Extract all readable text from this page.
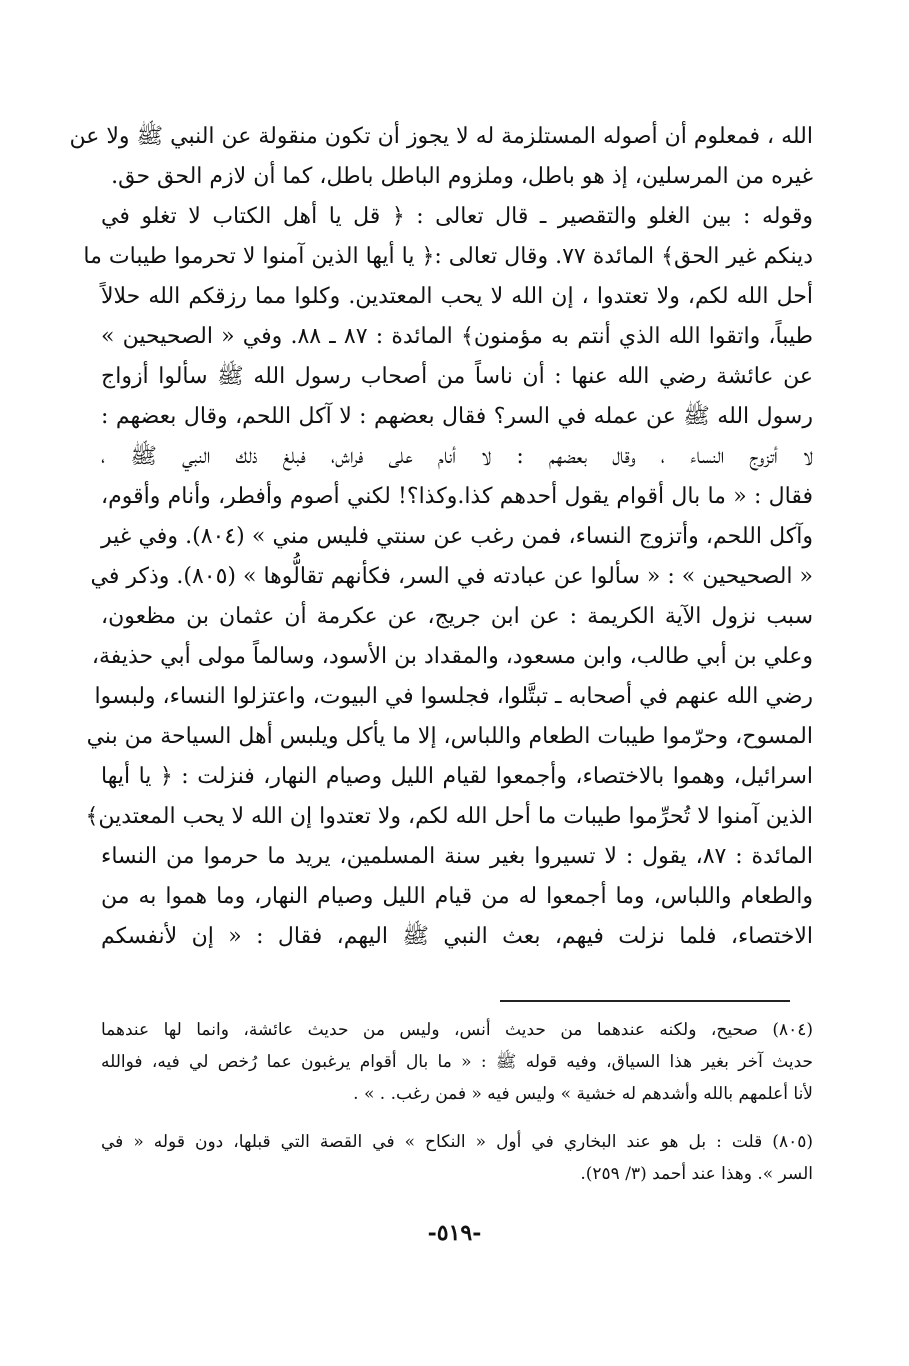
الله ، فمعلوم أن أصوله المستلزمة له لا يجوز أن تكون منقولة عن النبي ﷺ ولا عن
غيره من المرسلين، إذ هو باطل، وملزوم الباطل باطل، كما أن لازم الحق حق.
وقوله : بين الغلو والتقصير ـ قال تعالى : ﴿ قل يا أهل الكتاب لا تغلو في
دينكم غير الحق﴾ المائدة ٧٧. وقال تعالى :﴿ يا أيها الذين آمنوا لا تحرموا طيبات ما
أحل الله لكم، ولا تعتدوا ، إن الله لا يحب المعتدين. وكلوا مما رزقكم الله حلالاً
طيباً، واتقوا الله الذي أنتم به مؤمنون﴾ المائدة : ٨٧ ـ ٨٨. وفي « الصحيحين »
عن عائشة رضي الله عنها : أن ناساً من أصحاب رسول الله ﷺ سألوا أزواج
رسول الله ﷺ عن عمله في السر؟ فقال بعضهم : لا آكل اللحم، وقال بعضهم :
لا أتزوج النساء ، وقال بعضهم : لا أنام على فراش، فبلغ ذلك النبي ﷺ ،
فقال : « ما بال أقوام يقول أحدهم كذا.وكذا؟! لكني أصوم وأفطر، وأنام وأقوم،
وآكل اللحم، وأتزوج النساء، فمن رغب عن سنتي فليس مني » (٨٠٤). وفي غير
« الصحيحين » : « سألوا عن عبادته في السر، فكأنهم تقالُّوها » (٨٠٥). وذكر في
سبب نزول الآية الكريمة : عن ابن جريج، عن عكرمة أن عثمان بن مظعون،
وعلي بن أبي طالب، وابن مسعود، والمقداد بن الأسود، وسالماً مولى أبي حذيفة،
رضي الله عنهم في أصحابه ـ تبتَّلوا، فجلسوا في البيوت، واعتزلوا النساء، ولبسوا
المسوح، وحرّموا طيبات الطعام واللباس، إلا ما يأكل ويلبس أهل السياحة من بني
اسرائيل، وهموا بالاختصاء، وأجمعوا لقيام الليل وصيام النهار، فنزلت : ﴿ يا أيها
الذين آمنوا لا تُحرِّموا طيبات ما أحل الله لكم، ولا تعتدوا إن الله لا يحب المعتدين﴾
المائدة : ٨٧، يقول : لا تسيروا بغير سنة المسلمين، يريد ما حرموا من النساء
والطعام واللباس، وما أجمعوا له من قيام الليل وصيام النهار، وما هموا به من
الاختصاء، فلما نزلت فيهم، بعث النبي ﷺ اليهم، فقال : « إن لأنفسكم
(٨٠٤) صحيح، ولكنه عندهما من حديث أنس، وليس من حديث عائشة، وانما لها عندهما
حديث آخر بغير هذا السياق، وفيه قوله ﷺ : « ما بال أقوام يرغبون عما رُخص لي فيه، فوالله
لأنا أعلمهم بالله وأشدهم له خشية » وليس فيه « فمن رغب. . » .
(٨٠٥) قلت : بل هو عند البخاري في أول « النكاح » في القصة التي قبلها، دون قوله « في
السر ». وهذا عند أحمد (٣/ ٢٥٩).
-٥١٩-
